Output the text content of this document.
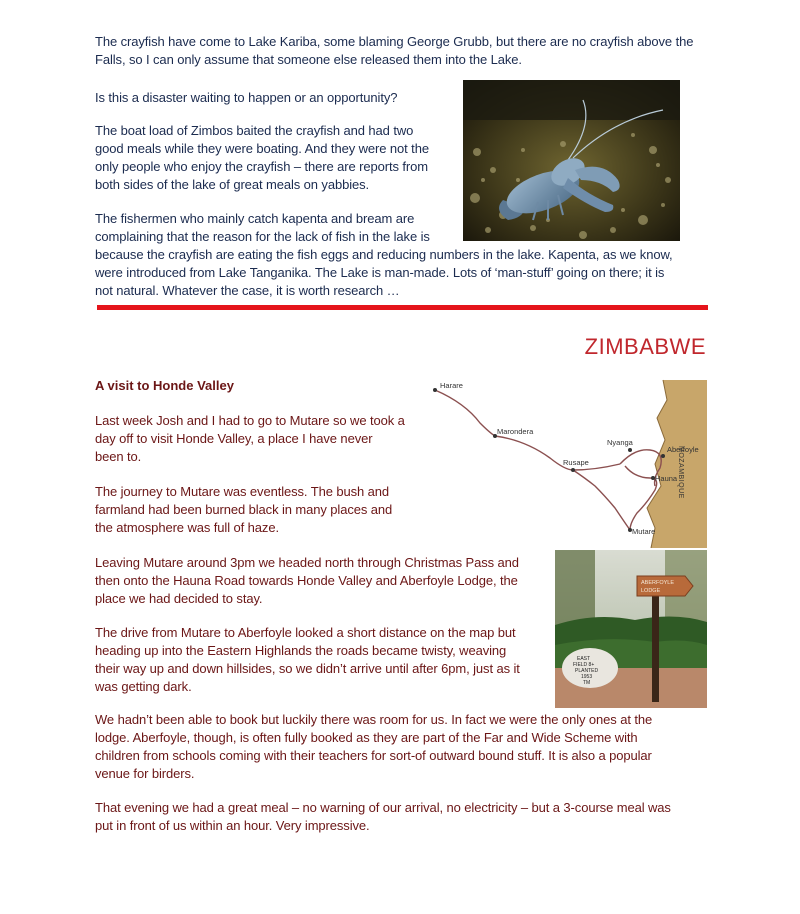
The crayfish have come to Lake Kariba, some blaming George Grubb, but there are no crayfish above the

Falls, so I can only assume that someone else released them into the Lake.

Is this a disaster waiting to happen or an opportunity?

The boat load of Zimbos baited the crayfish and had two

good meals while they were boating. And they were not the

only people who enjoy the crayfish – there are reports from

both sides of the lake of great meals on yabbies.

The fishermen who mainly catch kapenta and bream are

complaining that the reason for the lack of fish in the lake is

because the crayfish are eating the fish eggs and reducing numbers in the lake. Kapenta, as we know,

were introduced from Lake Tanganika. The Lake is man-made. Lots of ‘man-stuff’ going on there; it is

not natural. Whatever the case, it is worth research …

ZIMBABWE
A visit to Honde Valley

Last week Josh and I had to go to Mutare so we took a

day off to visit Honde Valley, a place I have never

been to.

The journey to Mutare was eventless. The bush and

farmland had been burned black in many places and

the atmosphere was full of haze.

Leaving Mutare around 3pm we headed north through Christmas Pass and

then onto the Hauna Road towards Honde Valley and Aberfoyle Lodge, the

place we had decided to stay.

The drive from Mutare to Aberfoyle looked a short distance on the map but

heading up into the Eastern Highlands the roads became twisty, weaving

their way up and down hillsides, so we didn’t arrive until after 6pm, just as it

was getting dark.

We hadn’t been able to book but luckily there was room for us. In fact we were the only ones at the

lodge. Aberfoyle, though, is often fully booked as they are part of the Far and Wide Scheme with

children from schools coming with their teachers for sort-of outward bound stuff. It is also a popular

venue for birders.

That evening we had a great meal – no warning of our arrival, no electricity – but a 3-course meal was

put in front of us within an hour. Very impressive.

Harare
Marondera
Nyanga
Aberfoyle
Rusape
Hauna
Mutare
MOZAMBIQUE
EAST
FIELD 8+
PLANTED
1953
TM
ABERFOYLE
LODGE
